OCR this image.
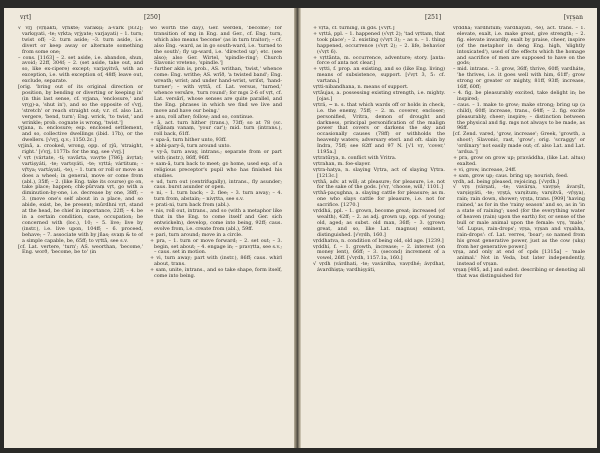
vṛt]	[250]

√ vṛj (vṛṇakti, vṛṅkte; varakṣi; ā-vark [832]; varkṣyati, -te; vṛkta; vṛjyate; varjayati) – 1. turn; twist off; –2. turn aside; –3. turn aside, i.e. divert or keep away or alternate something from some one;

– cons. [1163] – 2. set aside, i.e. abandon, shun, avoid; 22ff, 304f; – 2. (set aside, take out, and so, like ex-cipere) except; varjayitvā, with an exception, i.e. with exception of, 48ff; leave out, exclude, separate.

[orig. 'bring out of its original direction or position, by bending or diverting or keeping in' (in this last sense, cf. vṛjana, 'enclosure,' and vṛ(g)-a, 'shut in'), and so the opposite of √vṛj, 'stretch' or reach straight out; v.r. cf. also Lat. vergere, 'bend, turn'; Eng. wrick, 'to twist,' and wrinkle; prob. cognate is wrong, 'twist.']

vṛjana, n. enclosure; esp. enclosed settlement, and so, collective dwellings (ibid. 17b), or the dwellers. [√vṛj, q.v.; 1150.2c.]

vṛjinā, a. crooked, wrong, opp. of ṛjū, 'straight, right.' [√vṛj, 1177b: for the mg, see √vṛj.]

√ vṛt (vártate, -ti; vavārta, vavṛte [786]; ávṛtat; vartiṣyáti, -te; vartsyáti, -te; vṛttá; vártitum; -vṛ́tya; vartáyati, -te), – 1. turn or roll or move as does a wheel; in general, move or come from (abl.), 35ff; – 2. (like Eng. take its course) go on, take place; happen; chk-pūrvaṃ vṛt, go with a diminution-by-one, i.e. decrease by one, 38ff; – 3. (move one's self about in a place, and so abide, exist, be, be present; mūrdhni vṛt, stand at the head, be chief in importance, 22ff; – 4. be in a certain condition, case, occupation; be concerned with (loc.), 10; – 5. live; live by (instr.), i.e. live upon, 104ff; – 6. proceed, behave; – 7. associate with by jñas; svaṃ & to of a simple capable, be, 65ff; to vṛttā, see s.v.

[cf. Lat. vertere, 'turn'; AS. weorthan, 'become,' Eng. worð, 'become, be to' (in

wo worth the day), Ger. werden, 'become'; for transition of mg in Eng. and Ger., cf. Eng. turn, which also means 'become' (as in turn traitor); – cf. also Eng. -ward, as in go south-ward, i.e. 'turned to the south'; fly up-ward, i.e. 'directed up'; etc. (see also); also Ger. Wirtel, 'spindle-ring'; Church Slavonic vreteno, 'spindle.']

– further akin is, prob., AS. writhan, 'twist,' whence come: Eng. writhe; AS. wrīð, 'a twisted band'; Eng. wreath; wrist; and under hand-wrist, wriſst, 'hand-turner'; – with vṛttā, cf. Lat. versus, 'turned,' whence versāre, 'turn round'; for mgs 2-6 of vṛt, cf. Lat. versārī, whose senses are quite parallel, and the Eng. phrases in which we find we live and move and have our being.'

+ anu, roll after; follow; and so, continue.

+ ā, act. turn hither (trans.), 73ff; so at 78 (sc. rājānaṃ vanaṃ, 'your car'); mid. turn (intrans.), roll back, 61ff.

+ upa-ā, turn hither unto, 93ff.

+ abhi-pary-ā, turn around unto.

+ vy-ā, turn away, intrans.; separate from or part with (instr.), 86ff, 96ff.

+ sam-ā, turn back to meet; go home, used esp. of a religious preceptor's pupil who has finished his studies.

+ ud, turn out (centrifugally), intrans., fly asunder; caus. burst asunder or open.

+ ni, – 1. turn back; – 2. flee; – 3. turn away; – 4. turn from, abstain; – nivṛtta, see s.v.

+ prati-ni, turn back from (abl.).

+ nis, roll out, intrans., and so (with a metaphor like that in the Eng. to come itself and Ger. sich entwickeln), develop, come into being, 92ff; caus. evolve from, i.e. create from (abl.), 59ff.

+ pari, turn around; move in a circle.

+ pra, – 1. turn or move forward; – 2. set out; – 3. begin, set about; – 4. engage in; – pravṛtta, see s.v.; – caus. set in motion.

+ vi, turn away; part with (instr.), 86ff; caus. whirl about, trans.

+ sam, unite, intrans., and so take shape, form itself, come into being.

[251]	[vṛṣan

+ vṛtā, cf. turning, in gds. [√vṛt.]

+ vṛttá, ppl. – 1. happened (√vṛt 2); 'tad vṛttam, that took place'; – 2. existing (√vṛt 3); – as n. – 1. thing happened, occurrence (√vṛt 2); – 2. life, behavior (√vṛt 6).

+ vṛttānta, m. occurrence, adventure; story. [anta: force of anta not clear.]

+ vṛtti, f. prop. an existing, and so (like Eng. living) means of subsistence, support. [√vṛt 3, 5: cf. vartana.]

vṛtti-nibandhana, n. means of support.

vṛtāujas, a. possessing existing strength, i.e. mighty. [ojas.]

vṛtrá, ~ n. s. that which wards off or holds in check, i.e. the enemy, 75ff; – 2. m. coverer, encloser; personified, Vritra, demon of drought and darkness, principal personification of the malign power that covers or darkens the sky and occasionally causes (78ff) or withholds the heavenly waters; adversary eterl. and oft. slain by Indra, 75ff; see 82ff and 97 N. [√1 vṛ, 'cover,' 1195a.]

vṛtratūrya, n. conflict with Vritra.

vṛtrahan, m. foe-slayer.

vṛtra-hatya, n. slaying Vṛtra, act of slaying Vṛtra. [1213c.]

vṛthā, adv. at will; at pleasure; for pleasure, i.e. not for the sake of the gods. [√vṛ, 'choose, will,' 1101.]

vṛthā-paçughna, a. slaying cattle for pleasure; as m. one who slays cattle for pleasure, i.e. not for sacrifice. [1270.]

vṛddhá, ppl. – 1. grown, become great; increased (of wealth), 42ff; – 2. as adj. grown up, opp. of young; old, aged; as subst. old man, 36ff; – 3. (grown great, and so, like Lat. magnus) eminent, distinguished. [√vṛdh, 160.]

vṛddhatva, n. condition of being old, old age. [1239.]

vṛddhí, f. – 1. growth, increase; – 2. interest (on money lent), 66ff; – 3. (second) increment of a vowel, 26ff. [√vṛdh, 1157.1a, 160.]

√ vṛdh (várdhati, -te; vavárdha, vavṛdhé; ávṛdhat, ávardhiṣṭa; vardhiṣyáti,

vṛddhá; vārdhitum; vardháyati, -te), act. trans. – 1. elevate, exalt, i.e. make great, give strength; – 2. fig. elevate inwardly, exalt by praise, cheer, inspire (of the metaphor in deng Eng. high, 'slightly intoxicated'), used of the effects which the homage and sacrifice of men are supposed to have on the gods;

– mid. intrans. – 3. grow, 36ff; thrive, 60ff; vardháte, 'he thrives, i.e. it goes well with him, 61ff'; grow strong or greater or mighty, 81ff, 93ff; increase, 16ff, 60ff;

– 4. fig. be pleasurably excited, take delight in; be inspired;

– caus. – 1. make to grow; make strong; bring up (a child), 60ff; increase, trans., 64ff; – 2. fig. excite pleasurably, cheer; inspire; – distinction between the physical and fig. mgs not always to be made, as 96ff.

[cf. Zend. vared, 'grow, increase'; Greek, 'growth, a shoot'; Slavonic, rast, 'grow'; orig. 'scraggy' or 'ordinary' not easily made out; cf. also Lat. and Lat. 'ardua.']

+ pra, grow on grow up; praváddha, (like Lat. altus) exalted.

+ vi, grow, increase, 24ff.

+ sam, grow up; caus. bring up; nourish, feed.

vṛdh, ad. being pleased, rejoicing. [√vṛdh.]

√ vṛṣ (várṣati, -te; vavárṣa, vavṛṣé; ávarṣīt, varṣiṣyáti, -te; vṛṣṭá, varṣitum; varṣitvā, -vṛ́ṣya), rain; rain down, shower; vṛṣṭa, trans. [909] 'having rained,' as for in the 'rainy season' and so, as in 'in a state of raining'; used (for the everything water of heaven (rain) upon the earth) for, or sense of the bull or male animal upon the female: vṛṣ, 'male,' 'of. Lupus, rain-drops'; vṛṣa, vṛṣan and vṛṣabha, rain-drops': cf. Lat. verres, 'boar'; so named from his great generative power, just as the cow (ukṣ) from her generative power.]

vṛṣa, and only at end of cpds [1315a] – 'male animal.' Not in Veda, but later independently, instead of vṛṣan.

vṛṣaṇ [485, ad.] and subst. describing or denoting all that was distinguished for
